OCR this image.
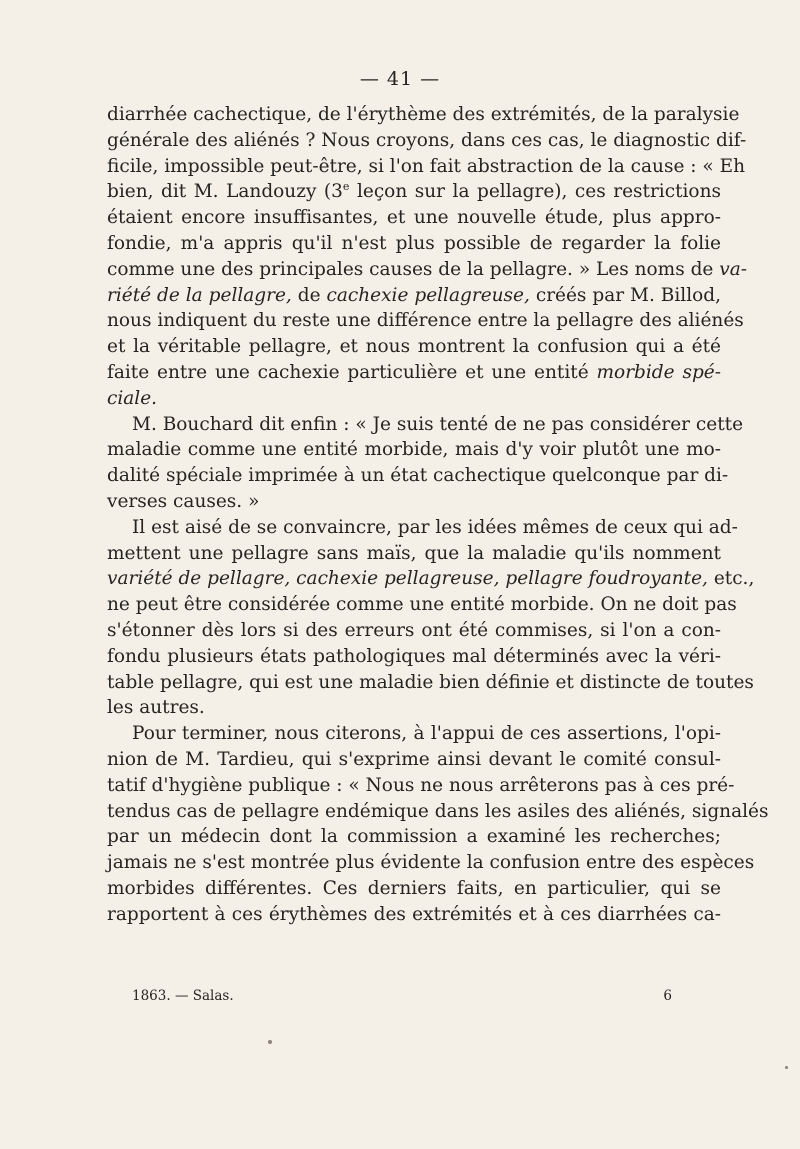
— 41 —
diarrhée cachectique, de l'érythème des extrémités, de la paralysie
générale des aliénés ? Nous croyons, dans ces cas, le diagnostic dif-
ficile, impossible peut-être, si l'on fait abstraction de la cause : « Eh
bien, dit M. Landouzy (3e leçon sur la pellagre), ces restrictions
étaient encore insuffisantes, et une nouvelle étude, plus appro-
fondie, m'a appris qu'il n'est plus possible de regarder la folie
comme une des principales causes de la pellagre. » Les noms de va-
riété de la pellagre, de cachexie pellagreuse, créés par M. Billod,
nous indiquent du reste une différence entre la pellagre des aliénés
et la véritable pellagre, et nous montrent la confusion qui a été
faite entre une cachexie particulière et une entité morbide spé-
ciale.
M. Bouchard dit enfin : « Je suis tenté de ne pas considérer cette
maladie comme une entité morbide, mais d'y voir plutôt une mo-
dalité spéciale imprimée à un état cachectique quelconque par di-
verses causes. »
Il est aisé de se convaincre, par les idées mêmes de ceux qui ad-
mettent une pellagre sans maïs, que la maladie qu'ils nomment
variété de pellagre, cachexie pellagreuse, pellagre foudroyante, etc.,
ne peut être considérée comme une entité morbide. On ne doit pas
s'étonner dès lors si des erreurs ont été commises, si l'on a con-
fondu plusieurs états pathologiques mal déterminés avec la véri-
table pellagre, qui est une maladie bien définie et distincte de toutes
les autres.
Pour terminer, nous citerons, à l'appui de ces assertions, l'opi-
nion de M. Tardieu, qui s'exprime ainsi devant le comité consul-
tatif d'hygiène publique : « Nous ne nous arrêterons pas à ces pré-
tendus cas de pellagre endémique dans les asiles des aliénés, signalés
par un médecin dont la commission a examiné les recherches;
jamais ne s'est montrée plus évidente la confusion entre des espèces
morbides différentes. Ces derniers faits, en particulier, qui se
rapportent à ces érythèmes des extrémités et à ces diarrhées ca-
1863. — Salas.	6
